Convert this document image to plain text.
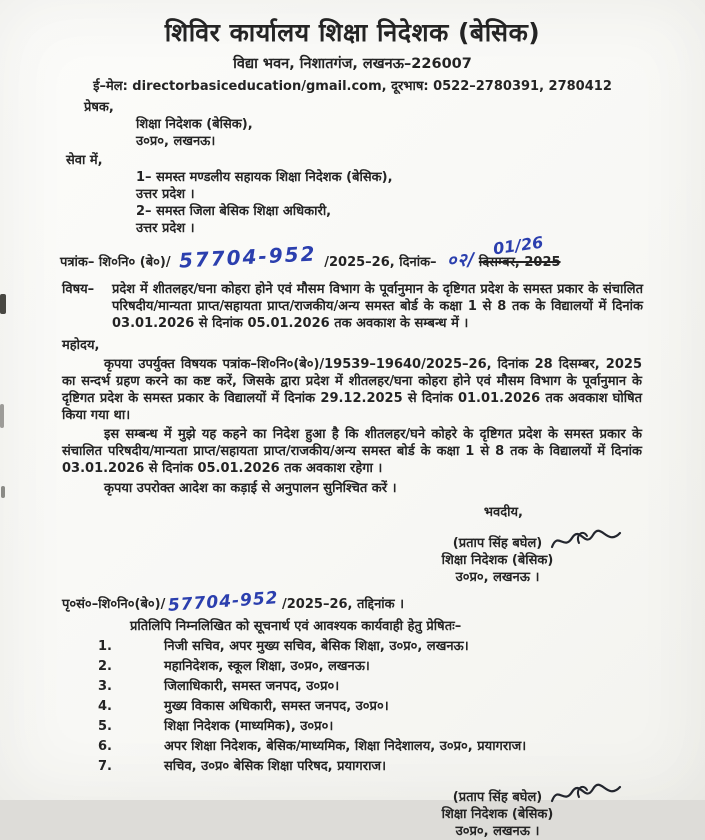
शिविर कार्यालय शिक्षा निदेशक (बेसिक)
विद्या भवन, निशातगंज, लखनऊ–226007
ई–मेल: directorbasiceducation/gmail.com, दूरभाष: 0522–2780391, 2780412
प्रेषक,
शिक्षा निदेशक (बेसिक),
उ०प्र०, लखनऊ।
सेवा में,
1– समस्त मण्डलीय सहायक शिक्षा निदेशक (बेसिक),
उत्तर प्रदेश ।
2– समस्त जिला बेसिक शिक्षा अधिकारी,
उत्तर प्रदेश ।
पत्रांक– शि०नि० (बे०)/ 57704-952 /2025–26, दिनांक– ०२/
01/26
दिसम्बर, 2025
विषय–	प्रदेश में शीतलहर/घना कोहरा होने एवं मौसम विभाग के पूर्वानुमान के दृष्टिगत प्रदेश के समस्त प्रकार के संचालित परिषदीय/मान्यता प्राप्त/सहायता प्राप्त/राजकीय/अन्य समस्त बोर्ड के कक्षा 1 से 8 तक के विद्यालयों में दिनांक 03.01.2026 से दिनांक 05.01.2026 तक अवकाश के सम्बन्ध में ।
महोदय,
कृपया उपर्युक्त विषयक पत्रांक–शि०नि०(बे०)/19539–19640/2025–26, दिनांक 28 दिसम्बर, 2025 का सन्दर्भ ग्रहण करने का कष्ट करें, जिसके द्वारा प्रदेश में शीतलहर/घना कोहरा होने एवं मौसम विभाग के पूर्वानुमान के दृष्टिगत प्रदेश के समस्त प्रकार के विद्यालयों में दिनांक 29.12.2025 से दिनांक 01.01.2026 तक अवकाश घोषित किया गया था।
इस सम्बन्ध में मुझे यह कहने का निदेश हुआ है कि शीतलहर/घने कोहरे के दृष्टिगत प्रदेश के समस्त प्रकार के संचालित परिषदीय/मान्यता प्राप्त/सहायता प्राप्त/राजकीय/अन्य समस्त बोर्ड के कक्षा 1 से 8 तक के विद्यालयों में दिनांक 03.01.2026 से दिनांक 05.01.2026 तक अवकाश रहेगा ।
कृपया उपरोक्त आदेश का कड़ाई से अनुपालन सुनिश्चित करें ।
भवदीय,
(प्रताप सिंह बघेल)
शिक्षा निदेशक (बेसिक)
उ०प्र०, लखनऊ ।
पृ०सं०–शि०नि०(बे०)/ 57704-952 /2025–26, तद्दिनांक ।
प्रतिलिपि निम्नलिखित को सूचनार्थ एवं आवश्यक कार्यवाही हेतु प्रेषितः–
1.	निजी सचिव, अपर मुख्य सचिव, बेसिक शिक्षा, उ०प्र०, लखनऊ।
2.	महानिदेशक, स्कूल शिक्षा, उ०प्र०, लखनऊ।
3.	जिलाधिकारी, समस्त जनपद, उ०प्र०।
4.	मुख्य विकास अधिकारी, समस्त जनपद, उ०प्र०।
5.	शिक्षा निदेशक (माध्यमिक), उ०प्र०।
6.	अपर शिक्षा निदेशक, बेसिक/माध्यमिक, शिक्षा निदेशालय, उ०प्र०, प्रयागराज।
7.	सचिव, उ०प्र० बेसिक शिक्षा परिषद, प्रयागराज।
(प्रताप सिंह बघेल)
शिक्षा निदेशक (बेसिक)
उ०प्र०, लखनऊ ।
